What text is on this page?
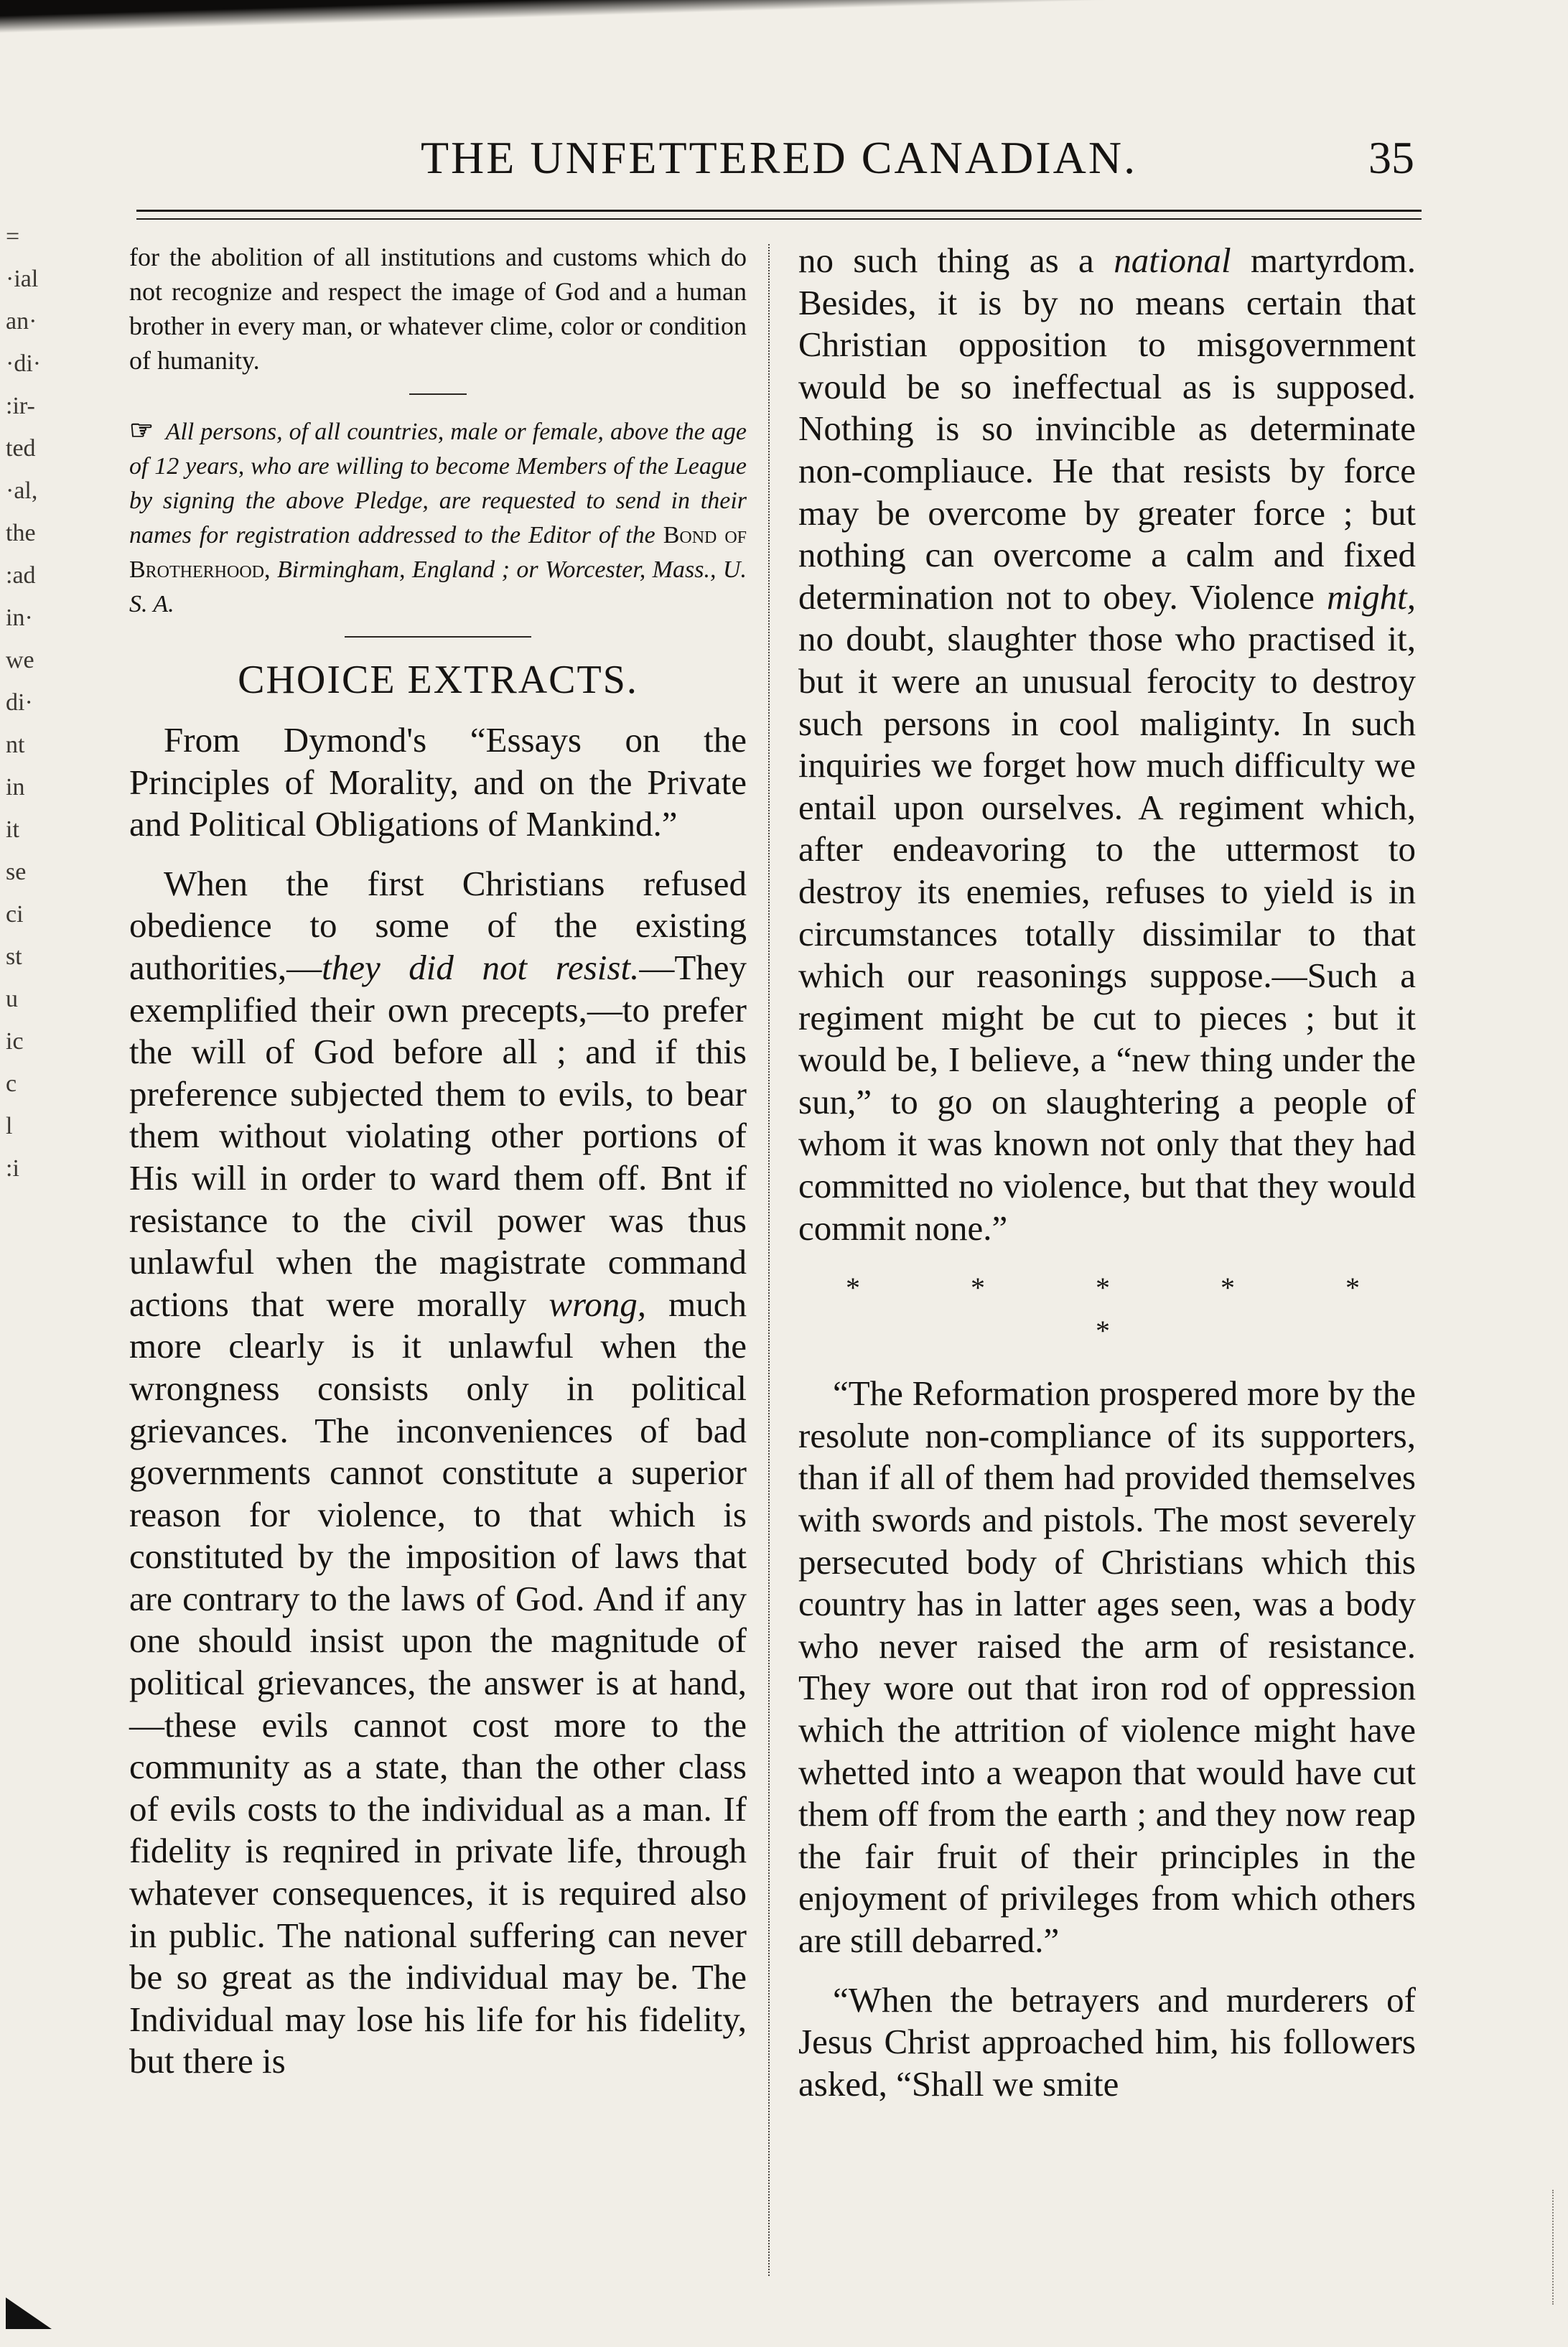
=
·ial
an·
·di·
:ir-
ted
·al,
the
:ad
in·
we
di·
nt
in
it
se
ci
st
u
ic
c
l
:i
THE UNFETTERED CANADIAN.	35

for the abolition of all institutions and customs which do not recognize and respect the image of God and a human brother in every man, or whatever clime, color or condition of humanity.

☞ All persons, of all countries, male or female, above the age of 12 years, who are willing to become Members of the League by signing the above Pledge, are requested to send in their names for registration addressed to the Editor of the Bond of Brotherhood, Birmingham, England ; or Worcester, Mass., U. S. A.

CHOICE EXTRACTS.

From Dymond's “Essays on the Principles of Morality, and on the Private and Political Obligations of Mankind.”

When the first Christians refused obedience to some of the existing authorities,—they did not resist.—They exemplified their own precepts,—to prefer the will of God before all ; and if this preference subjected them to evils, to bear them without violating other portions of His will in order to ward them off. Bnt if resistance to the civil power was thus unlawful when the magistrate command actions that were morally wrong, much more clearly is it unlawful when the wrongness consists only in political grievances. The inconveniences of bad governments cannot constitute a superior reason for violence, to that which is constituted by the imposition of laws that are contrary to the laws of God. And if any one should insist upon the magnitude of political grievances, the answer is at hand,—these evils cannot cost more to the community as a state, than the other class of evils costs to the individual as a man. If fidelity is reqnired in private life, through whatever consequences, it is required also in public. The national suffering can never be so great as the individual may be. The Individual may lose his life for his fidelity, but there is

no such thing as a national martyrdom. Besides, it is by no means certain that Christian opposition to misgovernment would be so ineffectual as is supposed. Nothing is so invincible as determinate non-compliauce. He that resists by force may be overcome by greater force ; but nothing can overcome a calm and fixed determination not to obey. Violence might, no doubt, slaughter those who practised it, but it were an unusual ferocity to destroy such persons in cool maliginty. In such inquiries we forget how much difficulty we entail upon ourselves. A regiment which, after endeavoring to the uttermost to destroy its enemies, refuses to yield is in circumstances totally dissimilar to that which our reasonings suppose.—Such a regiment might be cut to pieces ; but it would be, I believe, a “new thing under the sun,” to go on slaughtering a people of whom it was known not only that they had committed no violence, but that they would commit none.”

* * * * * *

“The Reformation prospered more by the resolute non-compliance of its supporters, than if all of them had provided themselves with swords and pistols. The most severely persecuted body of Christians which this country has in latter ages seen, was a body who never raised the arm of resistance. They wore out that iron rod of oppression which the attrition of violence might have whetted into a weapon that would have cut them off from the earth ; and they now reap the fair fruit of their principles in the enjoyment of privileges from which others are still debarred.”

“When the betrayers and murderers of Jesus Christ approached him, his followers asked, “Shall we smite
